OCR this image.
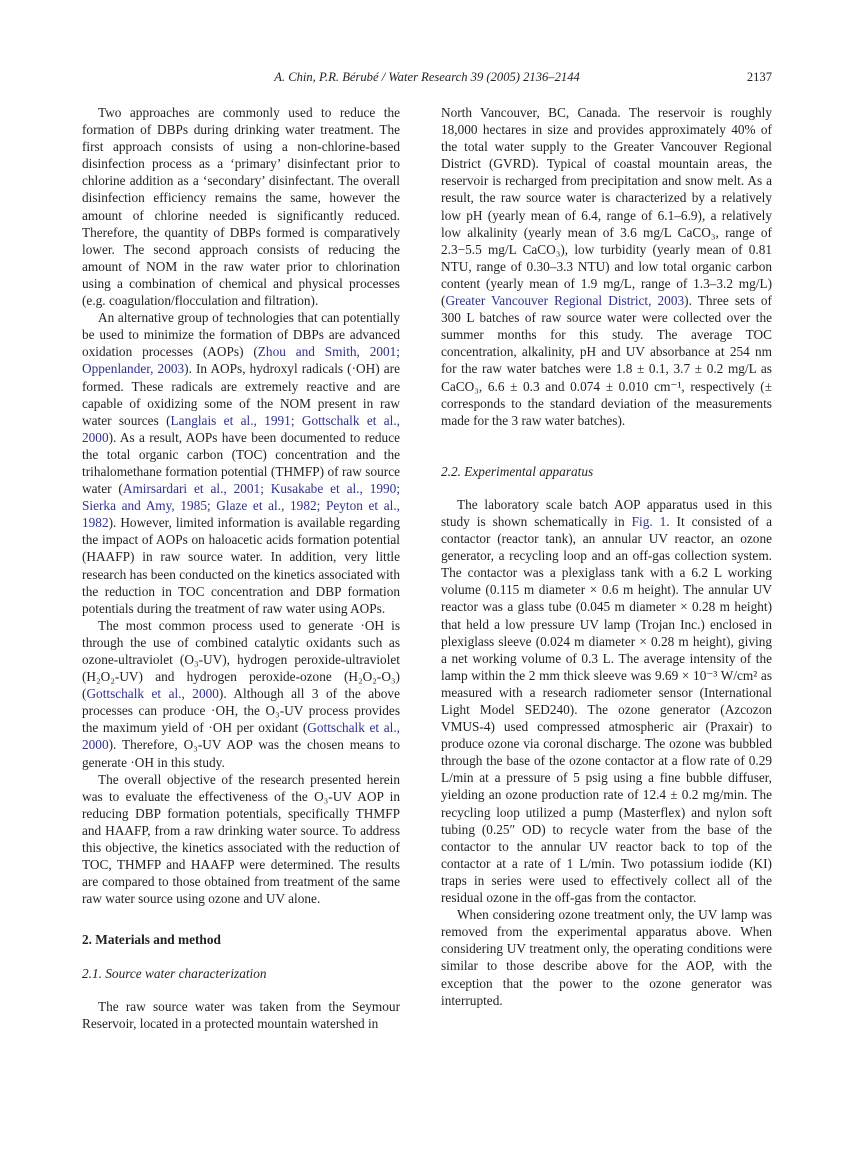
A. Chin, P.R. Bérubé / Water Research 39 (2005) 2136–2144	2137

Two approaches are commonly used to reduce the formation of DBPs during drinking water treatment. The first approach consists of using a non-chlorine-based disinfection process as a ‘primary’ disinfectant prior to chlorine addition as a ‘secondary’ disinfectant. The overall disinfection efficiency remains the same, however the amount of chlorine needed is significantly reduced. Therefore, the quantity of DBPs formed is comparatively lower. The second approach consists of reducing the amount of NOM in the raw water prior to chlorination using a combination of chemical and physical processes (e.g. coagulation/flocculation and filtration).

An alternative group of technologies that can potentially be used to minimize the formation of DBPs are advanced oxidation processes (AOPs) (Zhou and Smith, 2001; Oppenlander, 2003). In AOPs, hydroxyl radicals (·OH) are formed. These radicals are extremely reactive and are capable of oxidizing some of the NOM present in raw water sources (Langlais et al., 1991; Gottschalk et al., 2000). As a result, AOPs have been documented to reduce the total organic carbon (TOC) concentration and the trihalomethane formation potential (THMFP) of raw source water (Amirsardari et al., 2001; Kusakabe et al., 1990; Sierka and Amy, 1985; Glaze et al., 1982; Peyton et al., 1982). However, limited information is available regarding the impact of AOPs on haloacetic acids formation potential (HAAFP) in raw source water. In addition, very little research has been conducted on the kinetics associated with the reduction in TOC concentration and DBP formation potentials during the treatment of raw water using AOPs.

The most common process used to generate ·OH is through the use of combined catalytic oxidants such as ozone-ultraviolet (O₃-UV), hydrogen peroxide-ultraviolet (H₂O₂-UV) and hydrogen peroxide-ozone (H₂O₂-O₃) (Gottschalk et al., 2000). Although all 3 of the above processes can produce ·OH, the O₃-UV process provides the maximum yield of ·OH per oxidant (Gottschalk et al., 2000). Therefore, O₃-UV AOP was the chosen means to generate ·OH in this study.

The overall objective of the research presented herein was to evaluate the effectiveness of the O₃-UV AOP in reducing DBP formation potentials, specifically THMFP and HAAFP, from a raw drinking water source. To address this objective, the kinetics associated with the reduction of TOC, THMFP and HAAFP were determined. The results are compared to those obtained from treatment of the same raw water source using ozone and UV alone.

2. Materials and method
2.1. Source water characterization

The raw source water was taken from the Seymour Reservoir, located in a protected mountain watershed in

North Vancouver, BC, Canada. The reservoir is roughly 18,000 hectares in size and provides approximately 40% of the total water supply to the Greater Vancouver Regional District (GVRD). Typical of coastal mountain areas, the reservoir is recharged from precipitation and snow melt. As a result, the raw source water is characterized by a relatively low pH (yearly mean of 6.4, range of 6.1–6.9), a relatively low alkalinity (yearly mean of 3.6 mg/L CaCO₃, range of 2.3−5.5 mg/L CaCO₃), low turbidity (yearly mean of 0.81 NTU, range of 0.30–3.3 NTU) and low total organic carbon content (yearly mean of 1.9 mg/L, range of 1.3–3.2 mg/L) (Greater Vancouver Regional District, 2003). Three sets of 300 L batches of raw source water were collected over the summer months for this study. The average TOC concentration, alkalinity, pH and UV absorbance at 254 nm for the raw water batches were 1.8 ± 0.1, 3.7 ± 0.2 mg/L as CaCO₃, 6.6 ± 0.3 and 0.074 ± 0.010 cm⁻¹, respectively (± corresponds to the standard deviation of the measurements made for the 3 raw water batches).

2.2. Experimental apparatus

The laboratory scale batch AOP apparatus used in this study is shown schematically in Fig. 1. It consisted of a contactor (reactor tank), an annular UV reactor, an ozone generator, a recycling loop and an off-gas collection system. The contactor was a plexiglass tank with a 6.2 L working volume (0.115 m diameter × 0.6 m height). The annular UV reactor was a glass tube (0.045 m diameter × 0.28 m height) that held a low pressure UV lamp (Trojan Inc.) enclosed in plexiglass sleeve (0.024 m diameter × 0.28 m height), giving a net working volume of 0.3 L. The average intensity of the lamp within the 2 mm thick sleeve was 9.69 × 10⁻³ W/cm² as measured with a research radiometer sensor (International Light Model SED240). The ozone generator (Azcozon VMUS-4) used compressed atmospheric air (Praxair) to produce ozone via coronal discharge. The ozone was bubbled through the base of the ozone contactor at a flow rate of 0.29 L/min at a pressure of 5 psig using a fine bubble diffuser, yielding an ozone production rate of 12.4 ± 0.2 mg/min. The recycling loop utilized a pump (Masterflex) and nylon soft tubing (0.25″ OD) to recycle water from the base of the contactor to the annular UV reactor back to top of the contactor at a rate of 1 L/min. Two potassium iodide (KI) traps in series were used to effectively collect all of the residual ozone in the off-gas from the contactor.

When considering ozone treatment only, the UV lamp was removed from the experimental apparatus above. When considering UV treatment only, the operating conditions were similar to those describe above for the AOP, with the exception that the power to the ozone generator was interrupted.
